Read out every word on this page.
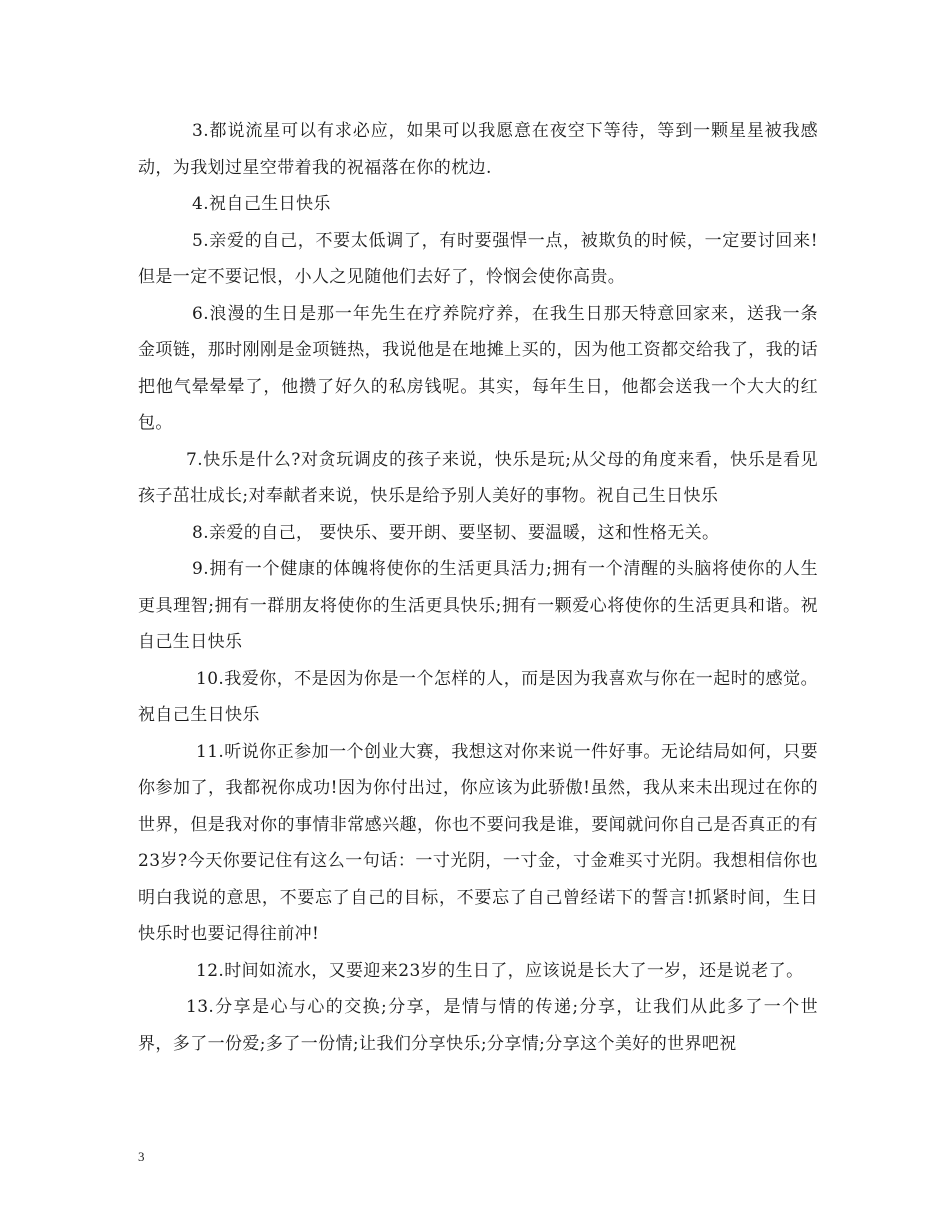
3.都说流星可以有求必应，如果可以我愿意在夜空下等待，等到一颗星星被我感动，为我划过星空带着我的祝福落在你的枕边.

4.祝自己生日快乐

5.亲爱的自己，不要太低调了，有时要强悍一点，被欺负的时候，一定要讨回来!但是一定不要记恨，小人之见随他们去好了，怜悯会使你高贵。

6.浪漫的生日是那一年先生在疗养院疗养，在我生日那天特意回家来，送我一条金项链，那时刚刚是金项链热，我说他是在地摊上买的，因为他工资都交给我了，我的话把他气晕晕晕了，他攒了好久的私房钱呢。其实，每年生日，他都会送我一个大大的红包。

7.快乐是什么?对贪玩调皮的孩子来说，快乐是玩;从父母的角度来看，快乐是看见孩子茁壮成长;对奉献者来说，快乐是给予别人美好的事物。祝自己生日快乐

8.亲爱的自己， 要快乐、要开朗、要坚韧、要温暖，这和性格无关。

9.拥有一个健康的体魄将使你的生活更具活力;拥有一个清醒的头脑将使你的人生更具理智;拥有一群朋友将使你的生活更具快乐;拥有一颗爱心将使你的生活更具和谐。祝自己生日快乐

10.我爱你，不是因为你是一个怎样的人，而是因为我喜欢与你在一起时的感觉。祝自己生日快乐

11.听说你正参加一个创业大赛，我想这对你来说一件好事。无论结局如何，只要你参加了，我都祝你成功!因为你付出过，你应该为此骄傲!虽然，我从来未出现过在你的世界，但是我对你的事情非常感兴趣，你也不要问我是谁，要闻就问你自己是否真正的有23岁?今天你要记住有这么一句话：一寸光阴，一寸金，寸金难买寸光阴。我想相信你也明白我说的意思，不要忘了自己的目标，不要忘了自己曾经诺下的誓言!抓紧时间，生日快乐时也要记得往前冲!

12.时间如流水，又要迎来23岁的生日了，应该说是长大了一岁，还是说老了。

13.分享是心与心的交换;分享，是情与情的传递;分享，让我们从此多了一个世界，多了一份爱;多了一份情;让我们分享快乐;分享情;分享这个美好的世界吧祝

3
